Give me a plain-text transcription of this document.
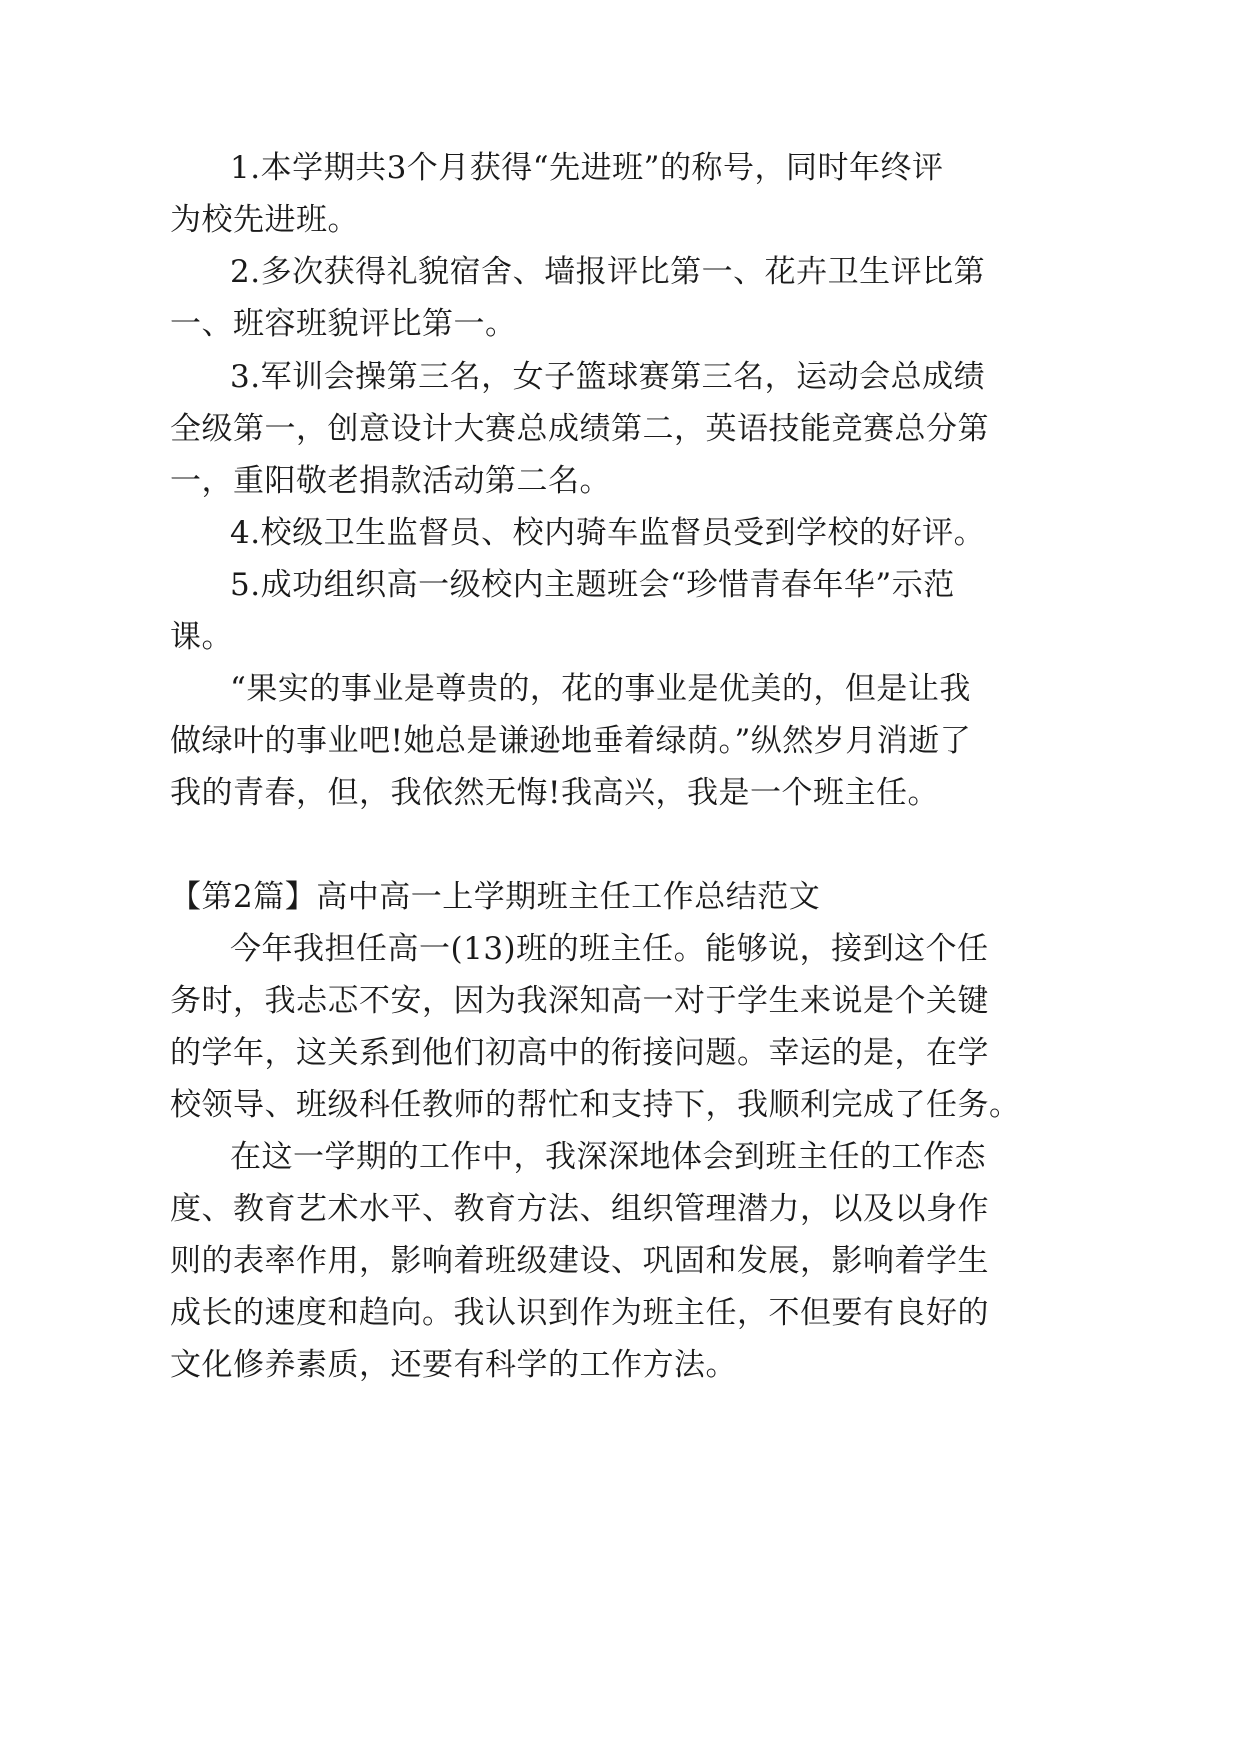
1.本学期共3个月获得“先进班”的称号，同时年终评
为校先进班。
2.多次获得礼貌宿舍、墙报评比第一、花卉卫生评比第
一、班容班貌评比第一。
3.军训会操第三名，女子篮球赛第三名，运动会总成绩
全级第一，创意设计大赛总成绩第二，英语技能竞赛总分第
一，重阳敬老捐款活动第二名。
4.校级卫生监督员、校内骑车监督员受到学校的好评。
5.成功组织高一级校内主题班会“珍惜青春年华”示范
课。
“果实的事业是尊贵的，花的事业是优美的，但是让我
做绿叶的事业吧!她总是谦逊地垂着绿荫。”纵然岁月消逝了
我的青春，但，我依然无悔!我高兴，我是一个班主任。
【第2篇】高中高一上学期班主任工作总结范文
今年我担任高一(13)班的班主任。能够说，接到这个任
务时，我忐忑不安，因为我深知高一对于学生来说是个关键
的学年，这关系到他们初高中的衔接问题。幸运的是，在学
校领导、班级科任教师的帮忙和支持下，我顺利完成了任务。
在这一学期的工作中，我深深地体会到班主任的工作态
度、教育艺术水平、教育方法、组织管理潜力，以及以身作
则的表率作用，影响着班级建设、巩固和发展，影响着学生
成长的速度和趋向。我认识到作为班主任，不但要有良好的
文化修养素质，还要有科学的工作方法。
